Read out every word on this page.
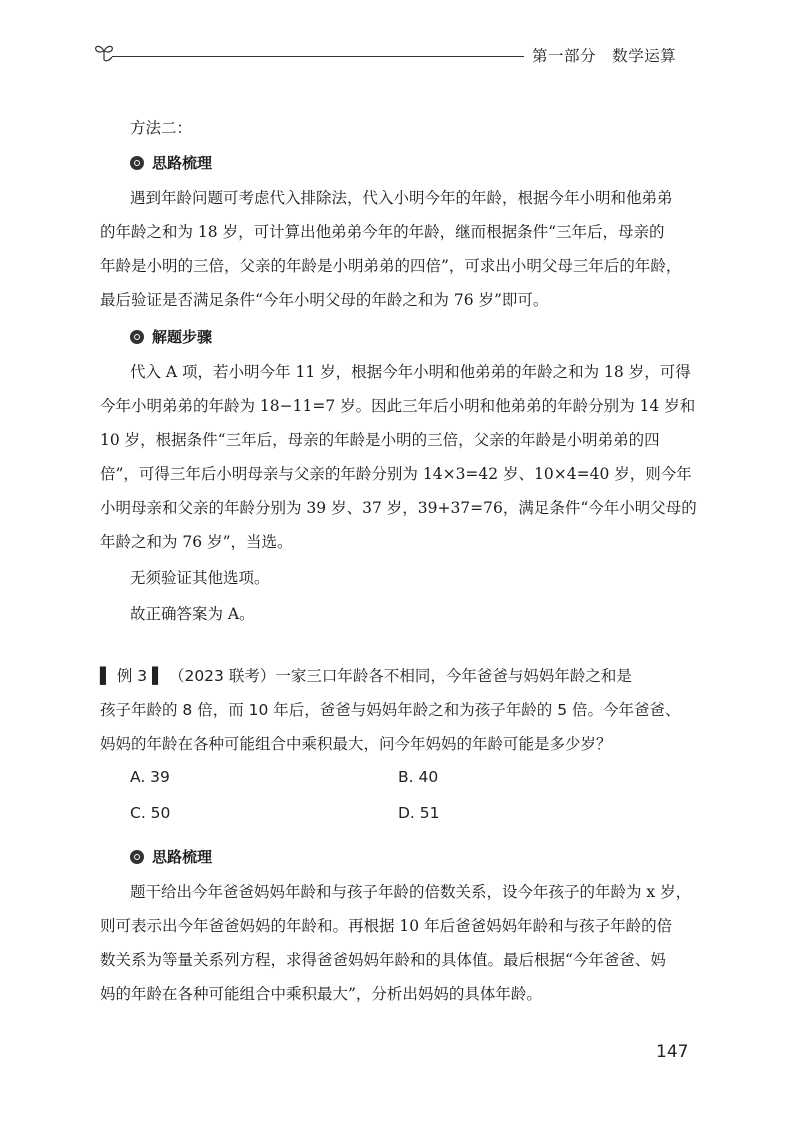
第一部分 数学运算
方法二：
思路梳理
遇到年龄问题可考虑代入排除法，代入小明今年的年龄，根据今年小明和他弟弟
的年龄之和为 18 岁，可计算出他弟弟今年的年龄，继而根据条件“三年后，母亲的
年龄是小明的三倍，父亲的年龄是小明弟弟的四倍”，可求出小明父母三年后的年龄，
最后验证是否满足条件“今年小明父母的年龄之和为 76 岁”即可。
解题步骤
代入 A 项，若小明今年 11 岁，根据今年小明和他弟弟的年龄之和为 18 岁，可得
今年小明弟弟的年龄为 18−11=7 岁。因此三年后小明和他弟弟的年龄分别为 14 岁和
10 岁，根据条件“三年后，母亲的年龄是小明的三倍，父亲的年龄是小明弟弟的四
倍”，可得三年后小明母亲与父亲的年龄分别为 14×3=42 岁、10×4=40 岁，则今年
小明母亲和父亲的年龄分别为 39 岁、37 岁，39+37=76，满足条件“今年小明父母的
年龄之和为 76 岁”，当选。
无须验证其他选项。
故正确答案为 A。
▌ 例 3 ▌ （2023 联考）一家三口年龄各不相同，今年爸爸与妈妈年龄之和是
孩子年龄的 8 倍，而 10 年后，爸爸与妈妈年龄之和为孩子年龄的 5 倍。今年爸爸、
妈妈的年龄在各种可能组合中乘积最大，问今年妈妈的年龄可能是多少岁？
A. 39	B. 40
C. 50	D. 51
思路梳理
题干给出今年爸爸妈妈年龄和与孩子年龄的倍数关系，设今年孩子的年龄为 x 岁，
则可表示出今年爸爸妈妈的年龄和。再根据 10 年后爸爸妈妈年龄和与孩子年龄的倍
数关系为等量关系列方程，求得爸爸妈妈年龄和的具体值。最后根据“今年爸爸、妈
妈的年龄在各种可能组合中乘积最大”，分析出妈妈的具体年龄。
147
